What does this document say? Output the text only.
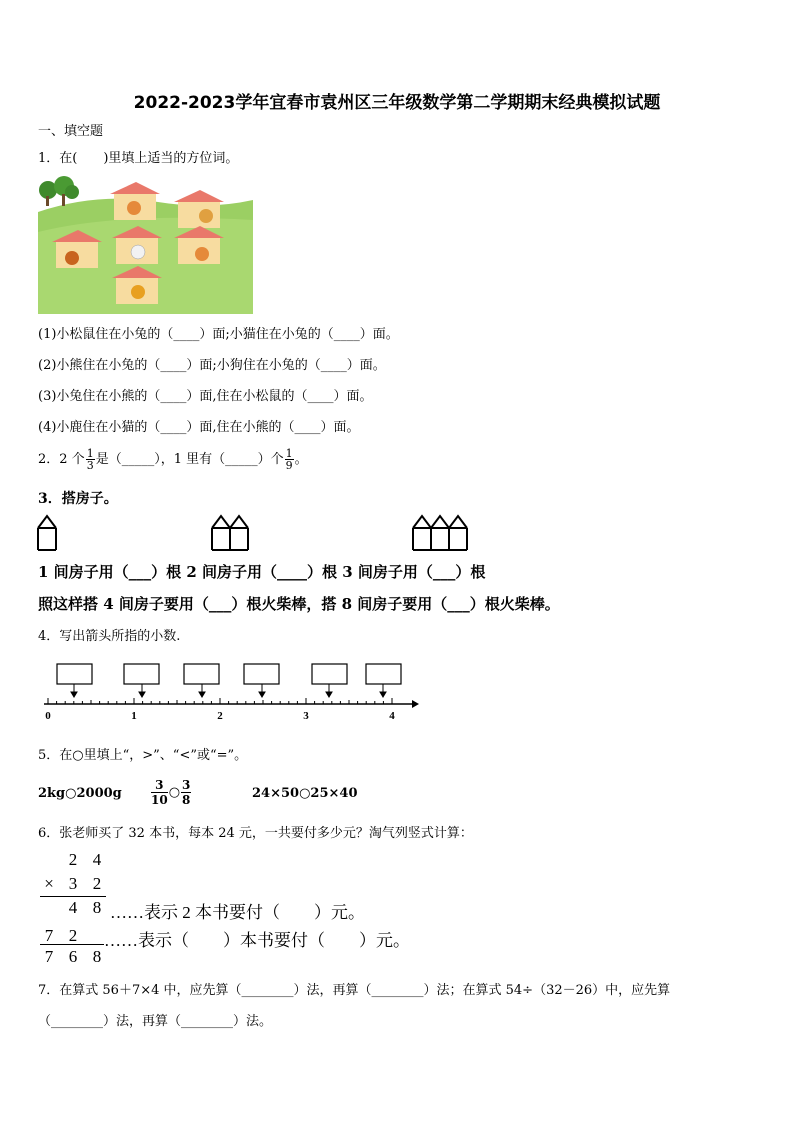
2022-2023学年宜春市袁州区三年级数学第二学期期末经典模拟试题
一、填空题
1．在(　　)里填上适当的方位词。
(1)小松鼠住在小兔的（____）面;小猫住在小兔的（____）面。
(2)小熊住在小兔的（____）面;小狗住在小兔的（____）面。
(3)小兔住在小熊的（____）面,住在小松鼠的（____）面。
(4)小鹿住在小猫的（____）面,住在小熊的（____）面。
2．2 个 $\frac{1}{3}$ 是（_____），1 里有（_____）个 $\frac{1}{9}$ 。
3．搭房子。
1 间房子用（___）根 2 间房子用（____）根 3 间房子用（___）根
照这样搭 4 间房子要用（___）根火柴棒，搭 8 间房子要用（___）根火柴棒。
4．写出箭头所指的小数.
0	1	2	3	4
5．在○里填上“，>”、“<”或“=”。
2kg○2000g $\frac{3}{10}$ ○ $\frac{3}{8}$	24×50○25×40
6．张老师买了 32 本书，每本 24 元，一共要付多少元？淘气列竖式计算：
2 4
× 3 2
4 8 ……表示 2 本书要付（　　）元。
7 2 ……表示（　　）本书要付（　　）元。
7 6 8
7．在算式 56＋7×4 中，应先算（________）法，再算（________）法；在算式 54÷（32－26）中，应先算
（________）法，再算（________）法。
